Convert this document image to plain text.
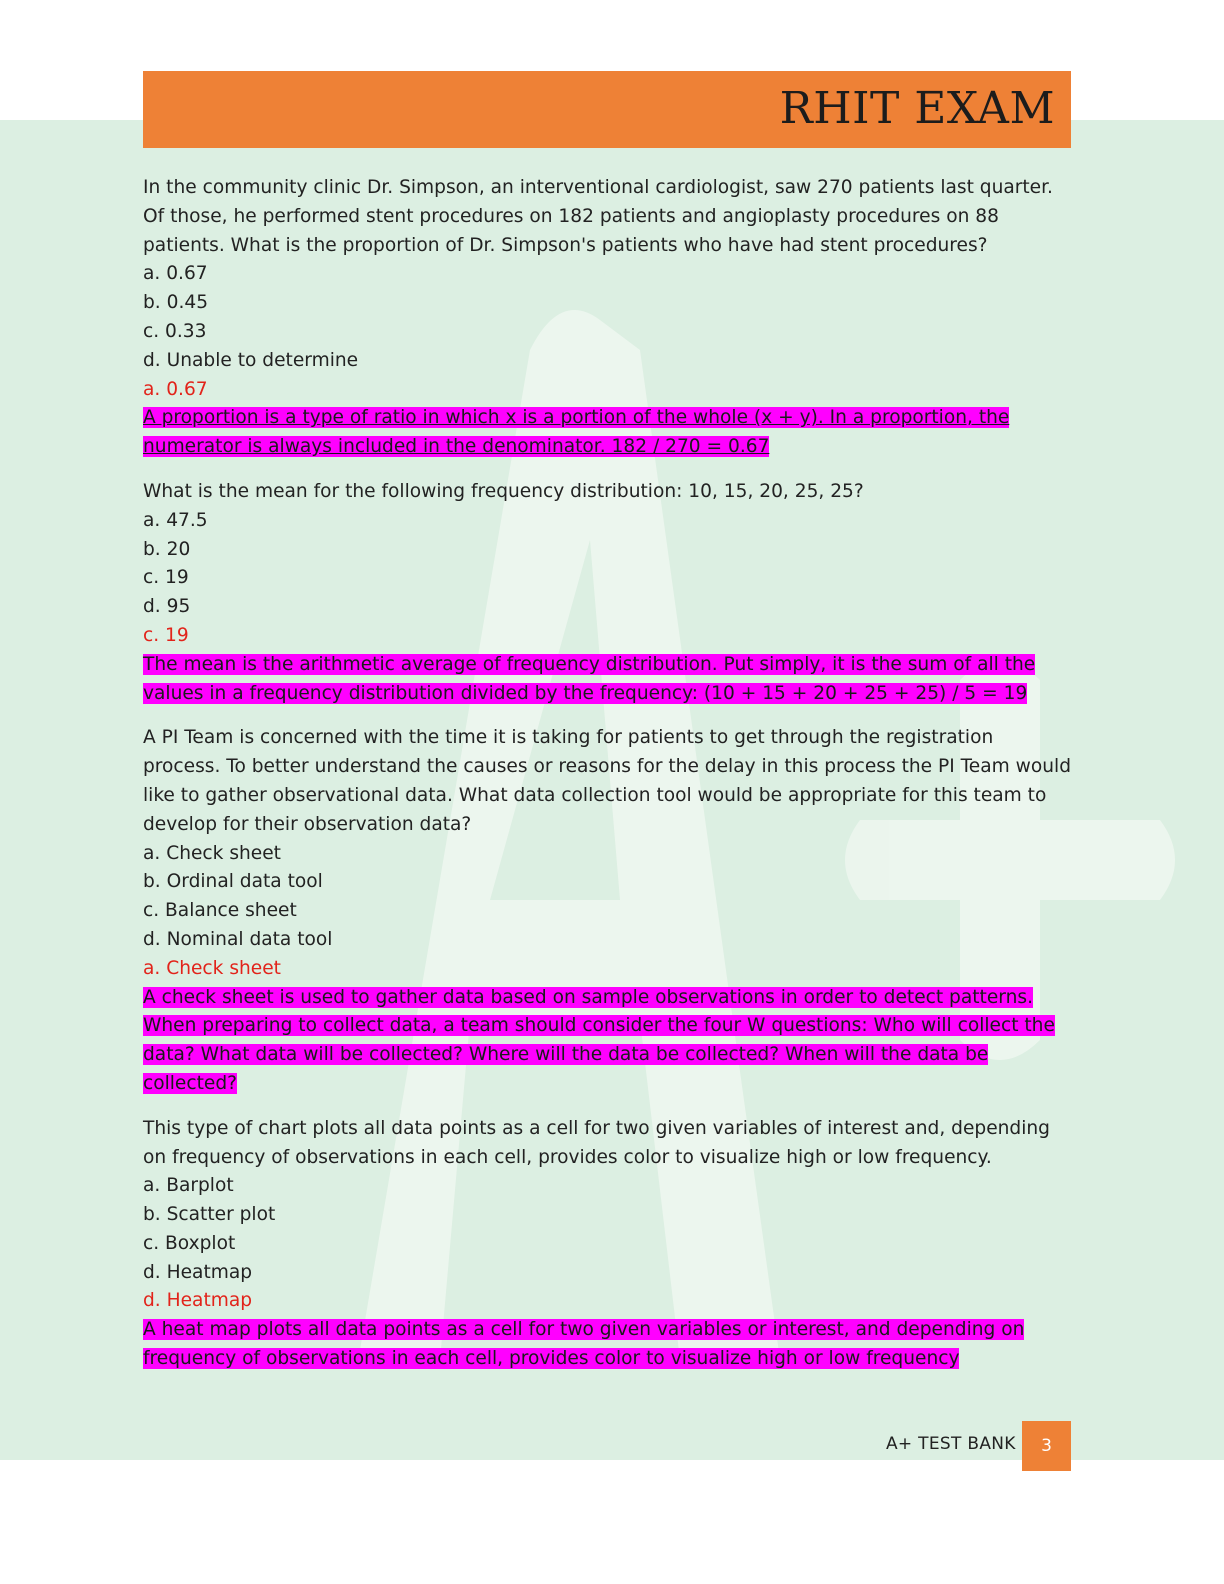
RHIT EXAM

In the community clinic Dr. Simpson, an interventional cardiologist, saw 270 patients last quarter. Of those, he performed stent procedures on 182 patients and angioplasty procedures on 88 patients. What is the proportion of Dr. Simpson's patients who have had stent procedures?

a. 0.67
b. 0.45
c. 0.33
d. Unable to determine
a. 0.67
A proportion is a type of ratio in which x is a portion of the whole (x + y). In a proportion, the numerator is always included in the denominator. 182 / 270 = 0.67

What is the mean for the following frequency distribution: 10, 15, 20, 25, 25?

a. 47.5
b. 20
c. 19
d. 95
c. 19
The mean is the arithmetic average of frequency distribution. Put simply, it is the sum of all the values in a frequency distribution divided by the frequency: (10 + 15 + 20 + 25 + 25) / 5 = 19

A PI Team is concerned with the time it is taking for patients to get through the registration process. To better understand the causes or reasons for the delay in this process the PI Team would like to gather observational data. What data collection tool would be appropriate for this team to develop for their observation data?

a. Check sheet
b. Ordinal data tool
c. Balance sheet
d. Nominal data tool
a. Check sheet
A check sheet is used to gather data based on sample observations in order to detect patterns. When preparing to collect data, a team should consider the four W questions: Who will collect the data? What data will be collected? Where will the data be collected? When will the data be collected?

This type of chart plots all data points as a cell for two given variables of interest and, depending on frequency of observations in each cell, provides color to visualize high or low frequency.

a. Barplot
b. Scatter plot
c. Boxplot
d. Heatmap
d. Heatmap
A heat map plots all data points as a cell for two given variables or interest, and depending on frequency of observations in each cell, provides color to visualize high or low frequency
A+ TEST BANK	3
